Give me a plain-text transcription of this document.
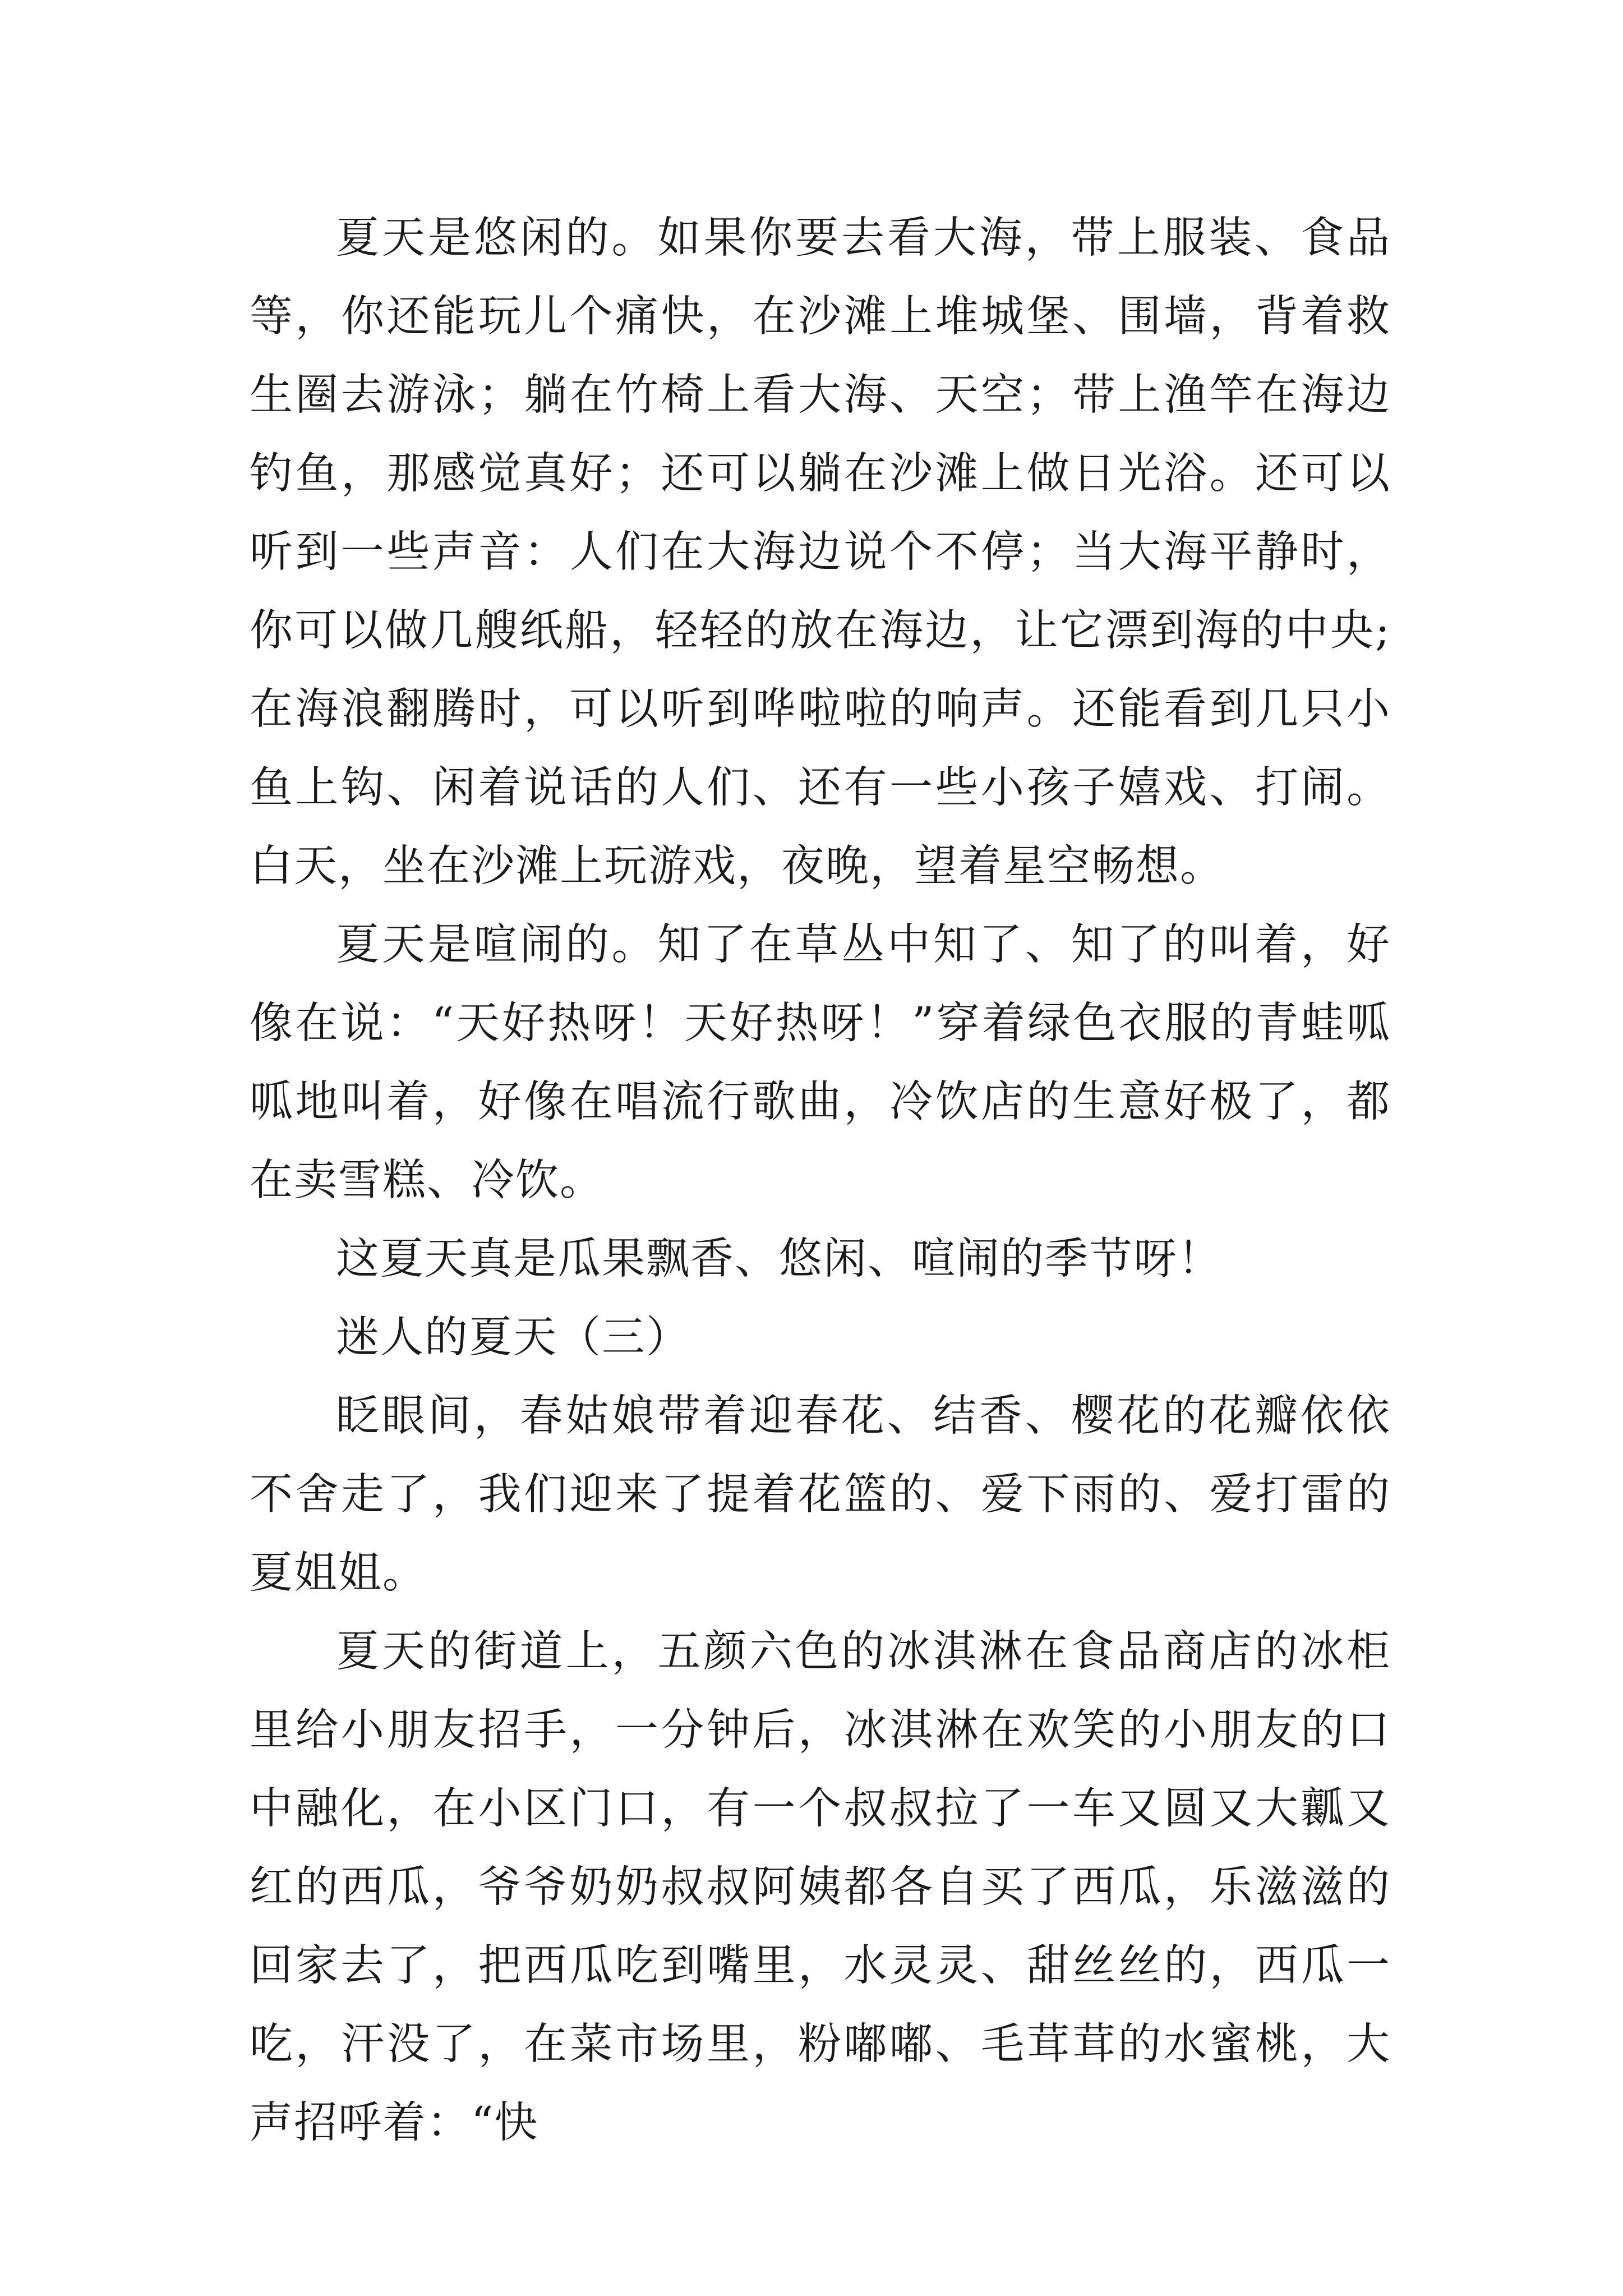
夏天是悠闲的。如果你要去看大海，带上服装、食品等，你还能玩儿个痛快，在沙滩上堆城堡、围墙，背着救生圈去游泳；躺在竹椅上看大海、天空；带上渔竿在海边钓鱼，那感觉真好；还可以躺在沙滩上做日光浴。还可以听到一些声音：人们在大海边说个不停；当大海平静时，你可以做几艘纸船，轻轻的放在海边，让它漂到海的中央;在海浪翻腾时，可以听到哗啦啦的响声。还能看到几只小鱼上钩、闲着说话的人们、还有一些小孩子嬉戏、打闹。白天，坐在沙滩上玩游戏，夜晚，望着星空畅想。

夏天是喧闹的。知了在草丛中知了、知了的叫着，好像在说：“天好热呀！天好热呀！”穿着绿色衣服的青蛙呱呱地叫着，好像在唱流行歌曲，冷饮店的生意好极了，都在卖雪糕、冷饮。

这夏天真是瓜果飘香、悠闲、喧闹的季节呀！

迷人的夏天（三）

眨眼间，春姑娘带着迎春花、结香、樱花的花瓣依依不舍走了，我们迎来了提着花篮的、爱下雨的、爱打雷的夏姐姐。

夏天的街道上，五颜六色的冰淇淋在食品商店的冰柜里给小朋友招手，一分钟后，冰淇淋在欢笑的小朋友的口中融化，在小区门口，有一个叔叔拉了一车又圆又大瓤又红的西瓜，爷爷奶奶叔叔阿姨都各自买了西瓜，乐滋滋的回家去了，把西瓜吃到嘴里，水灵灵、甜丝丝的，西瓜一吃，汗没了，在菜市场里，粉嘟嘟、毛茸茸的水蜜桃，大声招呼着：“快
